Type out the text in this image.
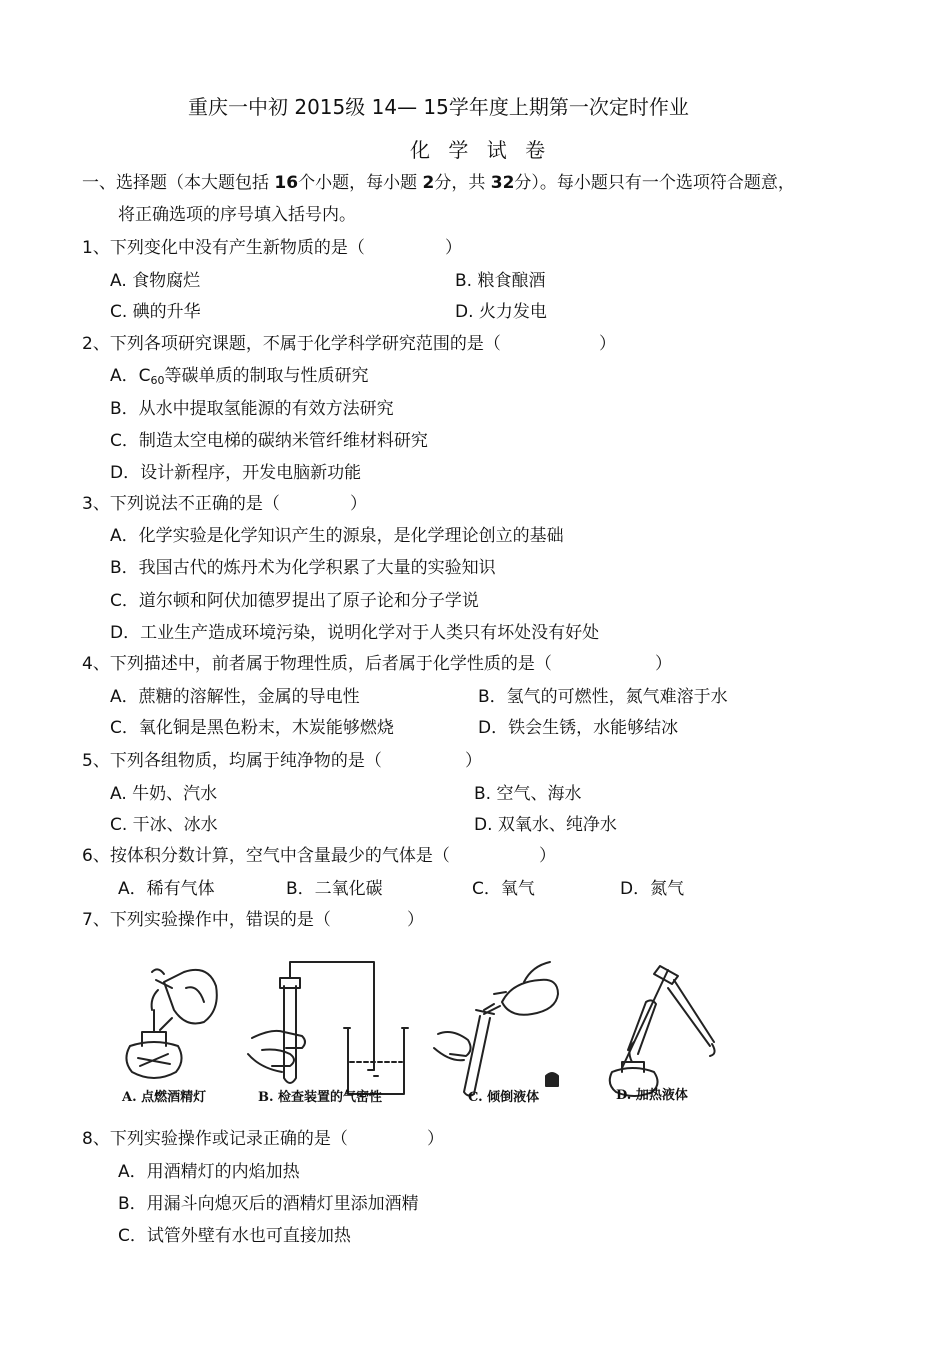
重庆一中初 2015级 14— 15学年度上期第一次定时作业
化 学 试 卷
一、选择题（本大题包括 16个小题，每小题 2分，共 32分）。每小题只有一个选项符合题意，
将正确选项的序号填入括号内。
1、下列变化中没有产生新物质的是（	）
A. 食物腐烂	B. 粮食酿酒
C. 碘的升华	D. 火力发电
2、下列各项研究课题，不属于化学科学研究范围的是（	）
A．$C_{60}$等碳单质的制取与性质研究
B．从水中提取氢能源的有效方法研究
C．制造太空电梯的碳纳米管纤维材料研究
D．设计新程序，开发电脑新功能
3、下列说法不正确的是（	）
A．化学实验是化学知识产生的源泉，是化学理论创立的基础
B．我国古代的炼丹术为化学积累了大量的实验知识
C．道尔顿和阿伏加德罗提出了原子论和分子学说
D．工业生产造成环境污染，说明化学对于人类只有坏处没有好处
4、下列描述中，前者属于物理性质，后者属于化学性质的是（	）
A．蔗糖的溶解性，金属的导电性	B．氢气的可燃性，氮气难溶于水
C．氧化铜是黑色粉末，木炭能够燃烧	D．铁会生锈，水能够结冰
5、下列各组物质，均属于纯净物的是（	）
A. 牛奶、汽水	B. 空气、海水
C. 干冰、冰水	D. 双氧水、纯净水
6、按体积分数计算，空气中含量最少的气体是（	）
A．稀有气体	B．二氧化碳	C．氧气	D．氮气
7、下列实验操作中，错误的是（	）
A. 点燃酒精灯	B. 检查装置的气密性	C. 倾倒液体	D. 加热液体
8、下列实验操作或记录正确的是（	）
A．用酒精灯的内焰加热
B．用漏斗向熄灭后的酒精灯里添加酒精
C．试管外壁有水也可直接加热
